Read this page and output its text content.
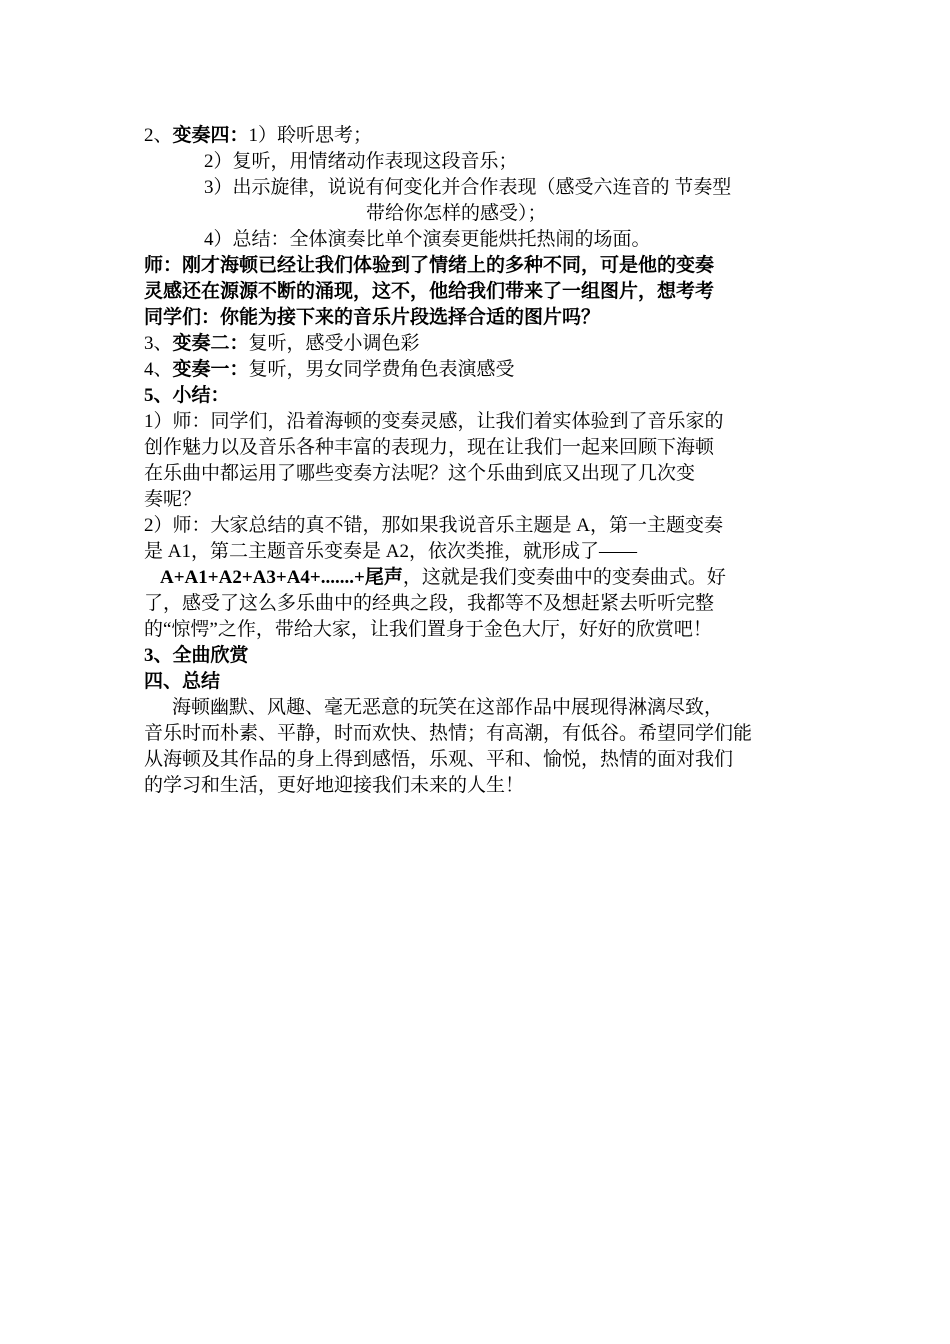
2、变奏四：1）聆听思考；
2）复听，用情绪动作表现这段音乐；
3）出示旋律，说说有何变化并合作表现（感受六连音的 节奏型
带给你怎样的感受）；
4）总结：全体演奏比单个演奏更能烘托热闹的场面。
师：刚才海顿已经让我们体验到了情绪上的多种不同，可是他的变奏
灵感还在源源不断的涌现，这不，他给我们带来了一组图片，想考考
同学们：你能为接下来的音乐片段选择合适的图片吗？
3、变奏二：复听，感受小调色彩
4、变奏一：复听，男女同学费角色表演感受
5、小结：
1）师：同学们，沿着海顿的变奏灵感，让我们着实体验到了音乐家的
创作魅力以及音乐各种丰富的表现力，现在让我们一起来回顾下海顿
在乐曲中都运用了哪些变奏方法呢？这个乐曲到底又出现了几次变
奏呢？
2）师：大家总结的真不错，那如果我说音乐主题是 A，第一主题变奏
是 A1，第二主题音乐变奏是 A2，依次类推，就形成了——
A+A1+A2+A3+A4+.......+尾声，这就是我们变奏曲中的变奏曲式。好
了，感受了这么多乐曲中的经典之段，我都等不及想赶紧去听听完整
的“惊愕”之作，带给大家，让我们置身于金色大厅，好好的欣赏吧！
3、全曲欣赏
四、总结
海顿幽默、风趣、毫无恶意的玩笑在这部作品中展现得淋漓尽致，
音乐时而朴素、平静，时而欢快、热情；有高潮，有低谷。希望同学们能
从海顿及其作品的身上得到感悟，乐观、平和、愉悦，热情的面对我们
的学习和生活，更好地迎接我们未来的人生！
